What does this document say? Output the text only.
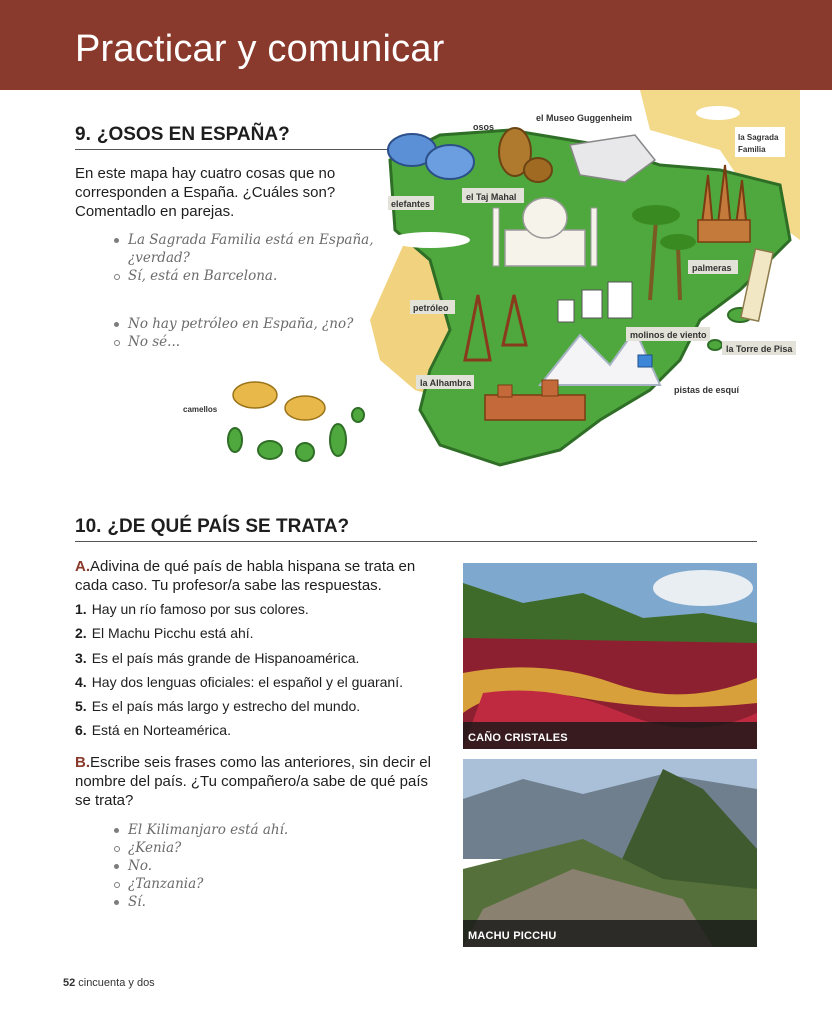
Practicar y comunicar
9. ¿OSOS EN ESPAÑA?

En este mapa hay cuatro cosas que no corresponden a España. ¿Cuáles son? Comentadlo en parejas.

La Sagrada Familia está en España, ¿verdad?
Sí, está en Barcelona.
No hay petróleo en España, ¿no?
No sé...
osos
el Museo Guggenheim
la Sagrada
Familia
elefantes
el Taj Mahal
palmeras
petróleo
molinos de viento
la Torre de Pisa
la Alhambra
pistas de esquí
camellos
10. ¿DE QUÉ PAÍS SE TRATA?

A.Adivina de qué país de habla hispana se trata en cada caso. Tu profesor/a sabe las respuestas.

1. Hay un río famoso por sus colores.
2. El Machu Picchu está ahí.
3. Es el país más grande de Hispanoamérica.
4. Hay dos lenguas oficiales: el español y el guaraní.
5. Es el país más largo y estrecho del mundo.
6. Está en Norteamérica.

B.Escribe seis frases como las anteriores, sin decir el nombre del país. ¿Tu compañero/a sabe de qué país se trata?

El Kilimanjaro está ahí.
¿Kenia?
No.
¿Tanzania?
Sí.
CAÑO CRISTALES
MACHU PICCHU
52 cincuenta y dos
